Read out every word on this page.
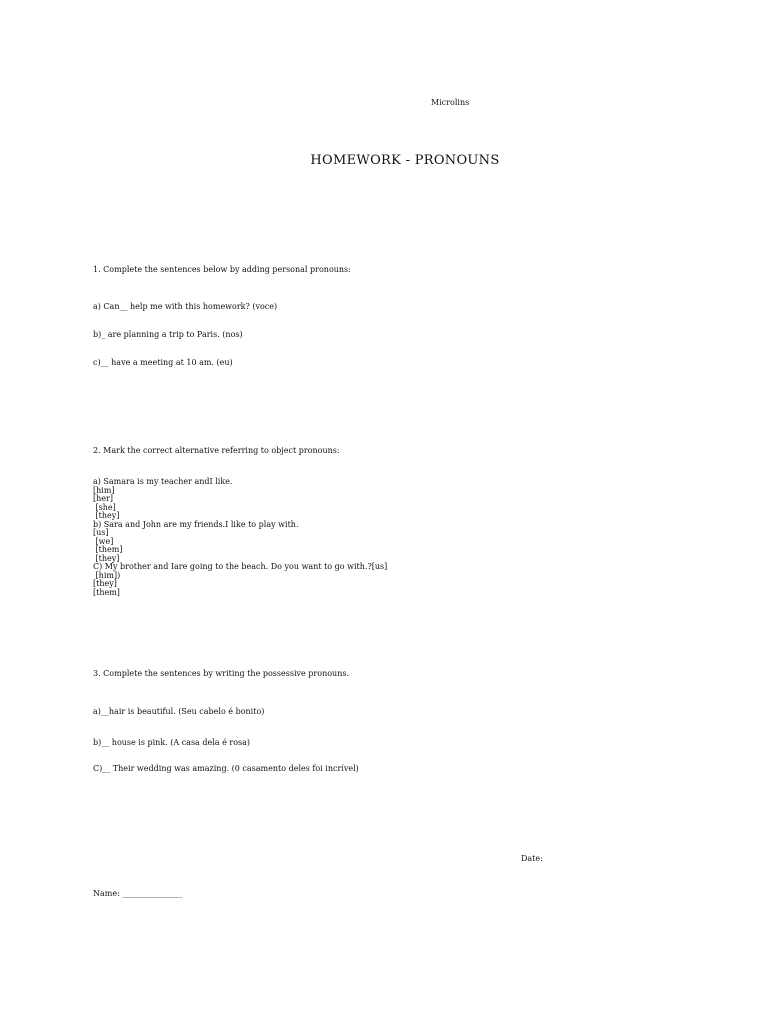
Microlins

HOMEWORK - PRONOUNS

1. Complete the sentences below by adding personal pronouns:

a) Can__ help me with this homework? (voce)

b)_ are planning a trip to Paris. (nos)

c)__ have a meeting at 10 am. (eu)

2. Mark the correct alternative referring to object pronouns:

a) Samara is my teacher andI like.
[him]
[her]
[she]
[they]
b) Sara and John are my friends.I like to play with.
[us]
[we]
[them]
[they]
C) My brother and Iare going to the beach. Do you want to go with.?[us]
[him])
[they]
[them]

3. Complete the sentences by writing the possessive pronouns.

a)__hair is beautiful. (Seu cabelo é bonito)

b)__ house is pink. (A casa dela é rosa)

C)__ Their wedding was amazing. (0 casamento deles foi incrível)

Date:

Name: _______________
